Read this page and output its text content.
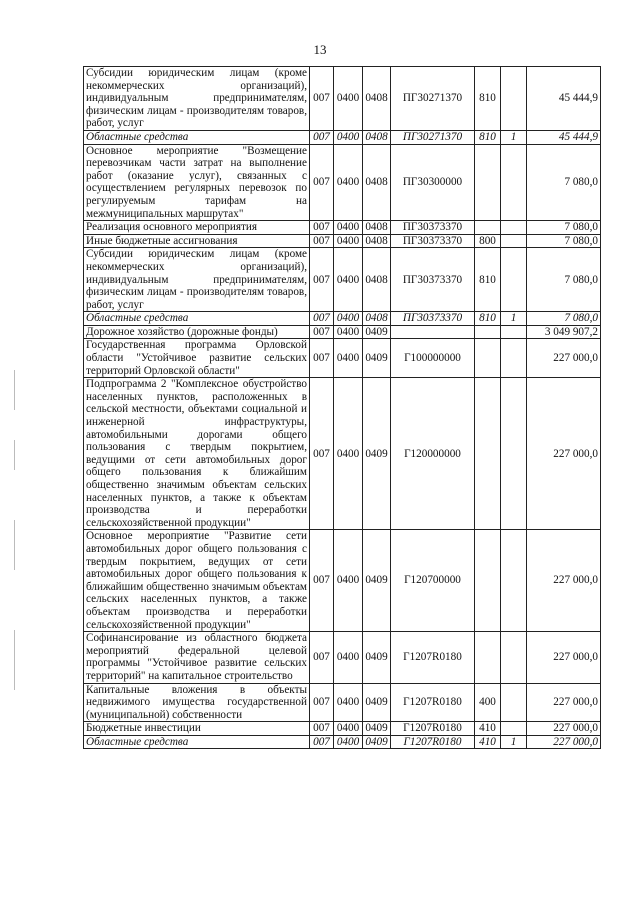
13
Субсидии юридическим лицам (кроме некоммерческих организаций), индивидуальным предпринимателям, физическим лицам - производителям товаров, работ, услуг	007	0400	0408	ПГ30271370	810		45 444,9
Областные средства	007	0400	0408	ПГ30271370	810	1	45 444,9
Основное мероприятие "Возмещение перевозчикам части затрат на выполнение работ (оказание услуг), связанных с осуществлением регулярных перевозок по регулируемым тарифам на межмуниципальных маршрутах"	007	0400	0408	ПГ30300000			7 080,0
Реализация основного мероприятия	007	0400	0408	ПГ30373370			7 080,0
Иные бюджетные ассигнования	007	0400	0408	ПГ30373370	800		7 080,0
Субсидии юридическим лицам (кроме некоммерческих организаций), индивидуальным предпринимателям, физическим лицам - производителям товаров, работ, услуг	007	0400	0408	ПГ30373370	810		7 080,0
Областные средства	007	0400	0408	ПГ30373370	810	1	7 080,0
Дорожное хозяйство (дорожные фонды)	007	0400	0409				3 049 907,2
Государственная программа Орловской области "Устойчивое развитие сельских территорий Орловской области"	007	0400	0409	Г100000000			227 000,0
Подпрограмма 2 "Комплексное обустройство населенных пунктов, расположенных в сельской местности, объектами социальной и инженерной инфраструктуры, автомобильными дорогами общего пользования с твердым покрытием, ведущими от сети автомобильных дорог общего пользования к ближайшим общественно значимым объектам сельских населенных пунктов, а также к объектам производства и переработки сельскохозяйственной продукции"	007	0400	0409	Г120000000			227 000,0
Основное мероприятие "Развитие сети автомобильных дорог общего пользования с твердым покрытием, ведущих от сети автомобильных дорог общего пользования к ближайшим общественно значимым объектам сельских населенных пунктов, а также объектам производства и переработки сельскохозяйственной продукции"	007	0400	0409	Г120700000			227 000,0
Софинансирование из областного бюджета мероприятий федеральной целевой программы "Устойчивое развитие сельских территорий" на капитальное строительство	007	0400	0409	Г1207R0180			227 000,0
Капитальные вложения в объекты недвижимого имущества государственной (муниципальной) собственности	007	0400	0409	Г1207R0180	400		227 000,0
Бюджетные инвестиции	007	0400	0409	Г1207R0180	410		227 000,0
Областные средства	007	0400	0409	Г1207R0180	410	1	227 000,0
